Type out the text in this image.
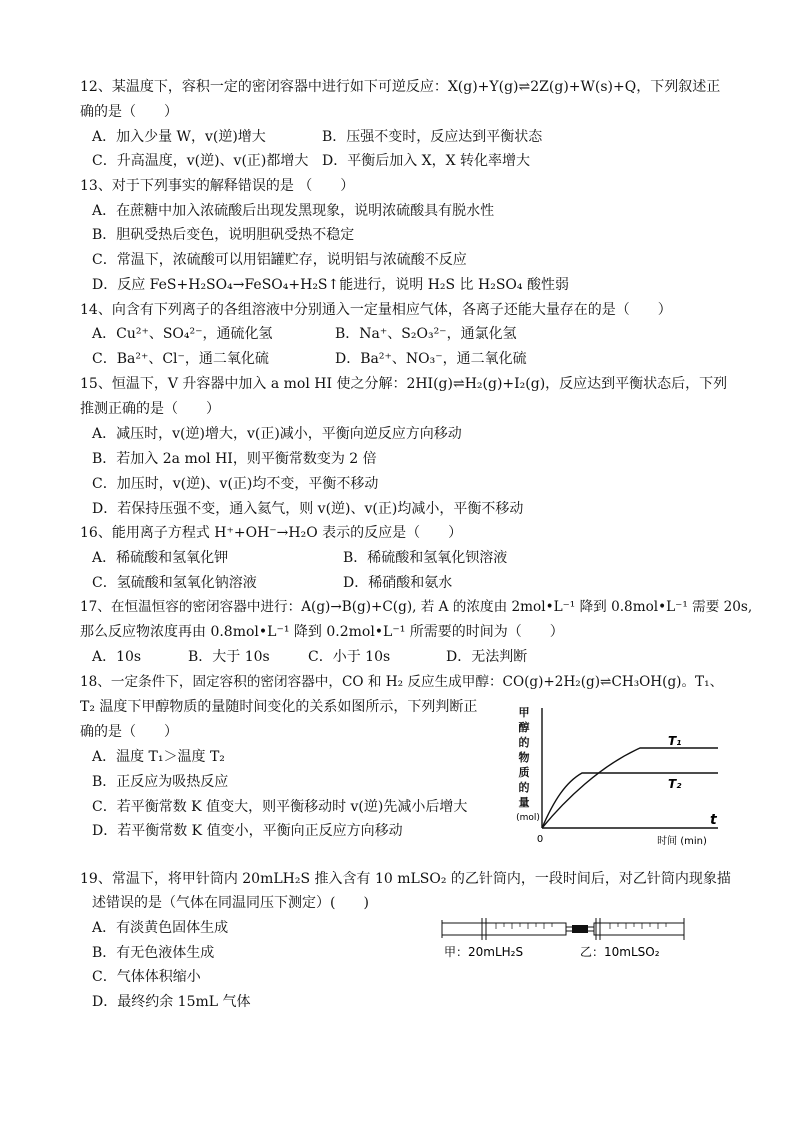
12、某温度下，容积一定的密闭容器中进行如下可逆反应：X(g)+Y(g)⇌2Z(g)+W(s)+Q，下列叙述正
确的是（　　）
A．加入少量 W，v(逆)增大	B．压强不变时，反应达到平衡状态
C．升高温度，v(逆)、v(正)都增大 D．平衡后加入 X，X 转化率增大
13、对于下列事实的解释错误的是 （　　）
A．在蔗糖中加入浓硫酸后出现发黑现象，说明浓硫酸具有脱水性
B．胆矾受热后变色，说明胆矾受热不稳定
C．常温下，浓硫酸可以用铝罐贮存，说明铝与浓硫酸不反应
D．反应 FeS+H₂SO₄→FeSO₄+H₂S↑能进行，说明 H₂S 比 H₂SO₄ 酸性弱
14、向含有下列离子的各组溶液中分别通入一定量相应气体，各离子还能大量存在的是（　　）
A．Cu²⁺、SO₄²⁻，通硫化氢	B．Na⁺、S₂O₃²⁻，通氯化氢
C．Ba²⁺、Cl⁻，通二氧化硫	D．Ba²⁺、NO₃⁻，通二氧化硫
15、恒温下，V 升容器中加入 a mol HI 使之分解：2HI(g)⇌H₂(g)+I₂(g)，反应达到平衡状态后，下列
推测正确的是（　　）
A．减压时，v(逆)增大，v(正)减小，平衡向逆反应方向移动
B．若加入 2a mol HI，则平衡常数变为 2 倍
C．加压时，v(逆)、v(正)均不变，平衡不移动
D．若保持压强不变，通入氦气，则 v(逆)、v(正)均减小，平衡不移动
16、能用离子方程式 H⁺+OH⁻→H₂O 表示的反应是（　　）
A．稀硫酸和氢氧化钾	B．稀硫酸和氢氧化钡溶液
C．氢硫酸和氢氧化钠溶液	D．稀硝酸和氨水
17、在恒温恒容的密闭容器中进行：A(g)→B(g)+C(g), 若 A 的浓度由 2mol•L⁻¹ 降到 0.8mol•L⁻¹ 需要 20s,
那么反应物浓度再由 0.8mol•L⁻¹ 降到 0.2mol•L⁻¹ 所需要的时间为（　　）
A．10s	B．大于 10s	C．小于 10s	D．无法判断
18、一定条件下，固定容积的密闭容器中，CO 和 H₂ 反应生成甲醇：CO(g)+2H₂(g)⇌CH₃OH(g)。T₁、
T₂ 温度下甲醇物质的量随时间变化的关系如图所示，下列判断正
确的是（　　）
A．温度 T₁＞温度 T₂
B．正反应为吸热反应
C．若平衡常数 K 值变大，则平衡移动时 v(逆)先减小后增大
D．若平衡常数 K 值变小，平衡向正反应方向移动
甲
醇
的
物
质
的
量
(mol)
0	时间 (min)
t
T₁
T₂
19、常温下，将甲针筒内 20mLH₂S 推入含有 10 mLSO₂ 的乙针筒内，一段时间后，对乙针筒内现象描
述错误的是（气体在同温同压下测定）(　　)
A．有淡黄色固体生成
B．有无色液体生成
C．气体体积缩小
D．最终约余 15mL 气体
甲：20mLH₂S	乙：10mLSO₂
